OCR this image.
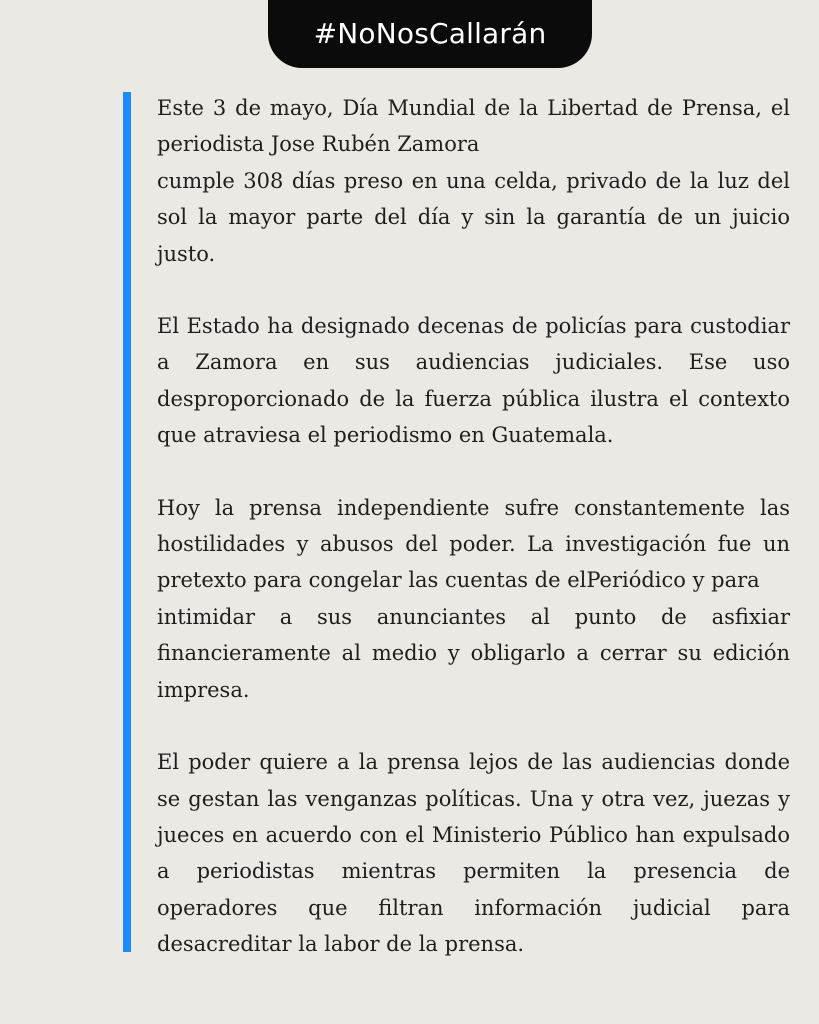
#NoNosCallarán

Este 3 de mayo, Día Mundial de la Libertad de Prensa, el
periodista Jose Rubén Zamora
cumple 308 días preso en una celda, privado de la luz del
sol la mayor parte del día y sin la garantía de un juicio
justo.

El Estado ha designado decenas de policías para custodiar
a Zamora en sus audiencias judiciales. Ese uso
desproporcionado de la fuerza pública ilustra el contexto
que atraviesa el periodismo en Guatemala.

Hoy la prensa independiente sufre constantemente las
hostilidades y abusos del poder. La investigación fue un
pretexto para congelar las cuentas de elPeriódico y para
intimidar a sus anunciantes al punto de asfixiar
financieramente al medio y obligarlo a cerrar su edición
impresa.

El poder quiere a la prensa lejos de las audiencias donde
se gestan las venganzas políticas. Una y otra vez, juezas y
jueces en acuerdo con el Ministerio Público han expulsado
a periodistas mientras permiten la presencia de
operadores que filtran información judicial para
desacreditar la labor de la prensa.
